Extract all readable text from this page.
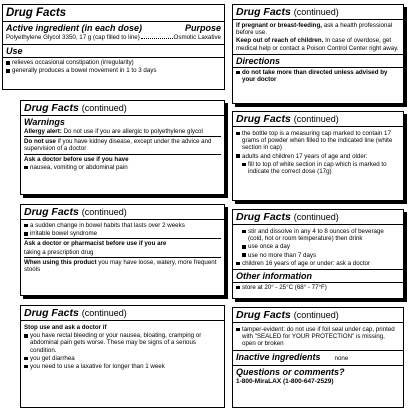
Drug Facts
Active ingredient (in each dose)	Purpose
Polyethylene Glycol 3350, 17 g (cap filled to line)	Osmotic Laxative
Use

relieves occasional constipation (irregularity)

generally produces a bowel movement in 1 to 3 days

Drug Facts (continued)
Warnings

Allergy alert: Do not use if you are allergic to polyethylene glycol

Do not use if you have kidney disease, except under the advice and supervision of a doctor

Ask a doctor before use if you have

nausea, vomiting or abdominal pain

Drug Facts (continued)

a sudden change in bowel habits that lasts over 2 weeks

irritable bowel syndrome

Ask a doctor or pharmacist before use if you are

taking a prescription drug

When using this product you may have loose, watery, more frequent stools

Drug Facts (continued)

Stop use and ask a doctor if

you have rectal bleeding or your nausea, bloating, cramping or abdominal pain gets worse. These may be signs of a serious condition.

you get diarrhea

you need to use a laxative for longer than 1 week

Drug Facts (continued)

If pregnant or breast-feeding, ask a health professional before use.

Keep out of reach of children. In case of overdose, get medical help or contact a Poison Control Center right away.

Directions

do not take more than directed unless advised by your doctor

Drug Facts (continued)

the bottle top is a measuring cap marked to contain 17 grams of powder when filled to the indicated line (white section in cap)

adults and children 17 years of age and older:

fill to top of white section in cap which is marked to indicate the correct dose (17g)

Drug Facts (continued)

stir and dissolve in any 4 to 8 ounces of beverage (cold, hot or room temperature) then drink

use once a day

use no more than 7 days

children 16 years of age or under: ask a doctor

Other information

store at 20° - 25°C (68° - 77°F)

Drug Facts (continued)

tamper-evident: do not use if foil seal under cap, printed with "SEALED for YOUR PROTECTION" is missing, open or broken

Inactive ingredients none
Questions or comments?
1-800-MiraLAX (1-800-647-2529)
